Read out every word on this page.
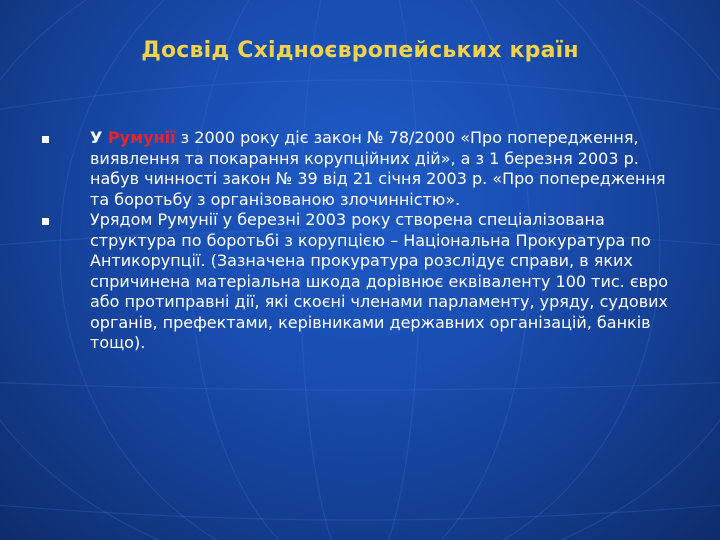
Досвід Східноєвропейських країн
У Румунії з 2000 року діє закон № 78/2000 «Про попередження, виявлення та покарання корупційних дій», а з 1 березня 2003 р. набув чинності закон № 39 від 21 січня 2003 р. «Про попередження та боротьбу з організованою злочинністю».
Урядом Румунії у березні 2003 року створена спеціалізована структура по боротьбі з корупцією – Національна Прокуратура по Антикорупції. (Зазначена прокуратура розслідує справи, в яких спричинена матеріальна шкода дорівнює еквіваленту 100 тис. євро або протиправні дії, які скоєні членами парламенту, уряду, судових органів, префектами, керівниками державних організацій, банків тощо).
